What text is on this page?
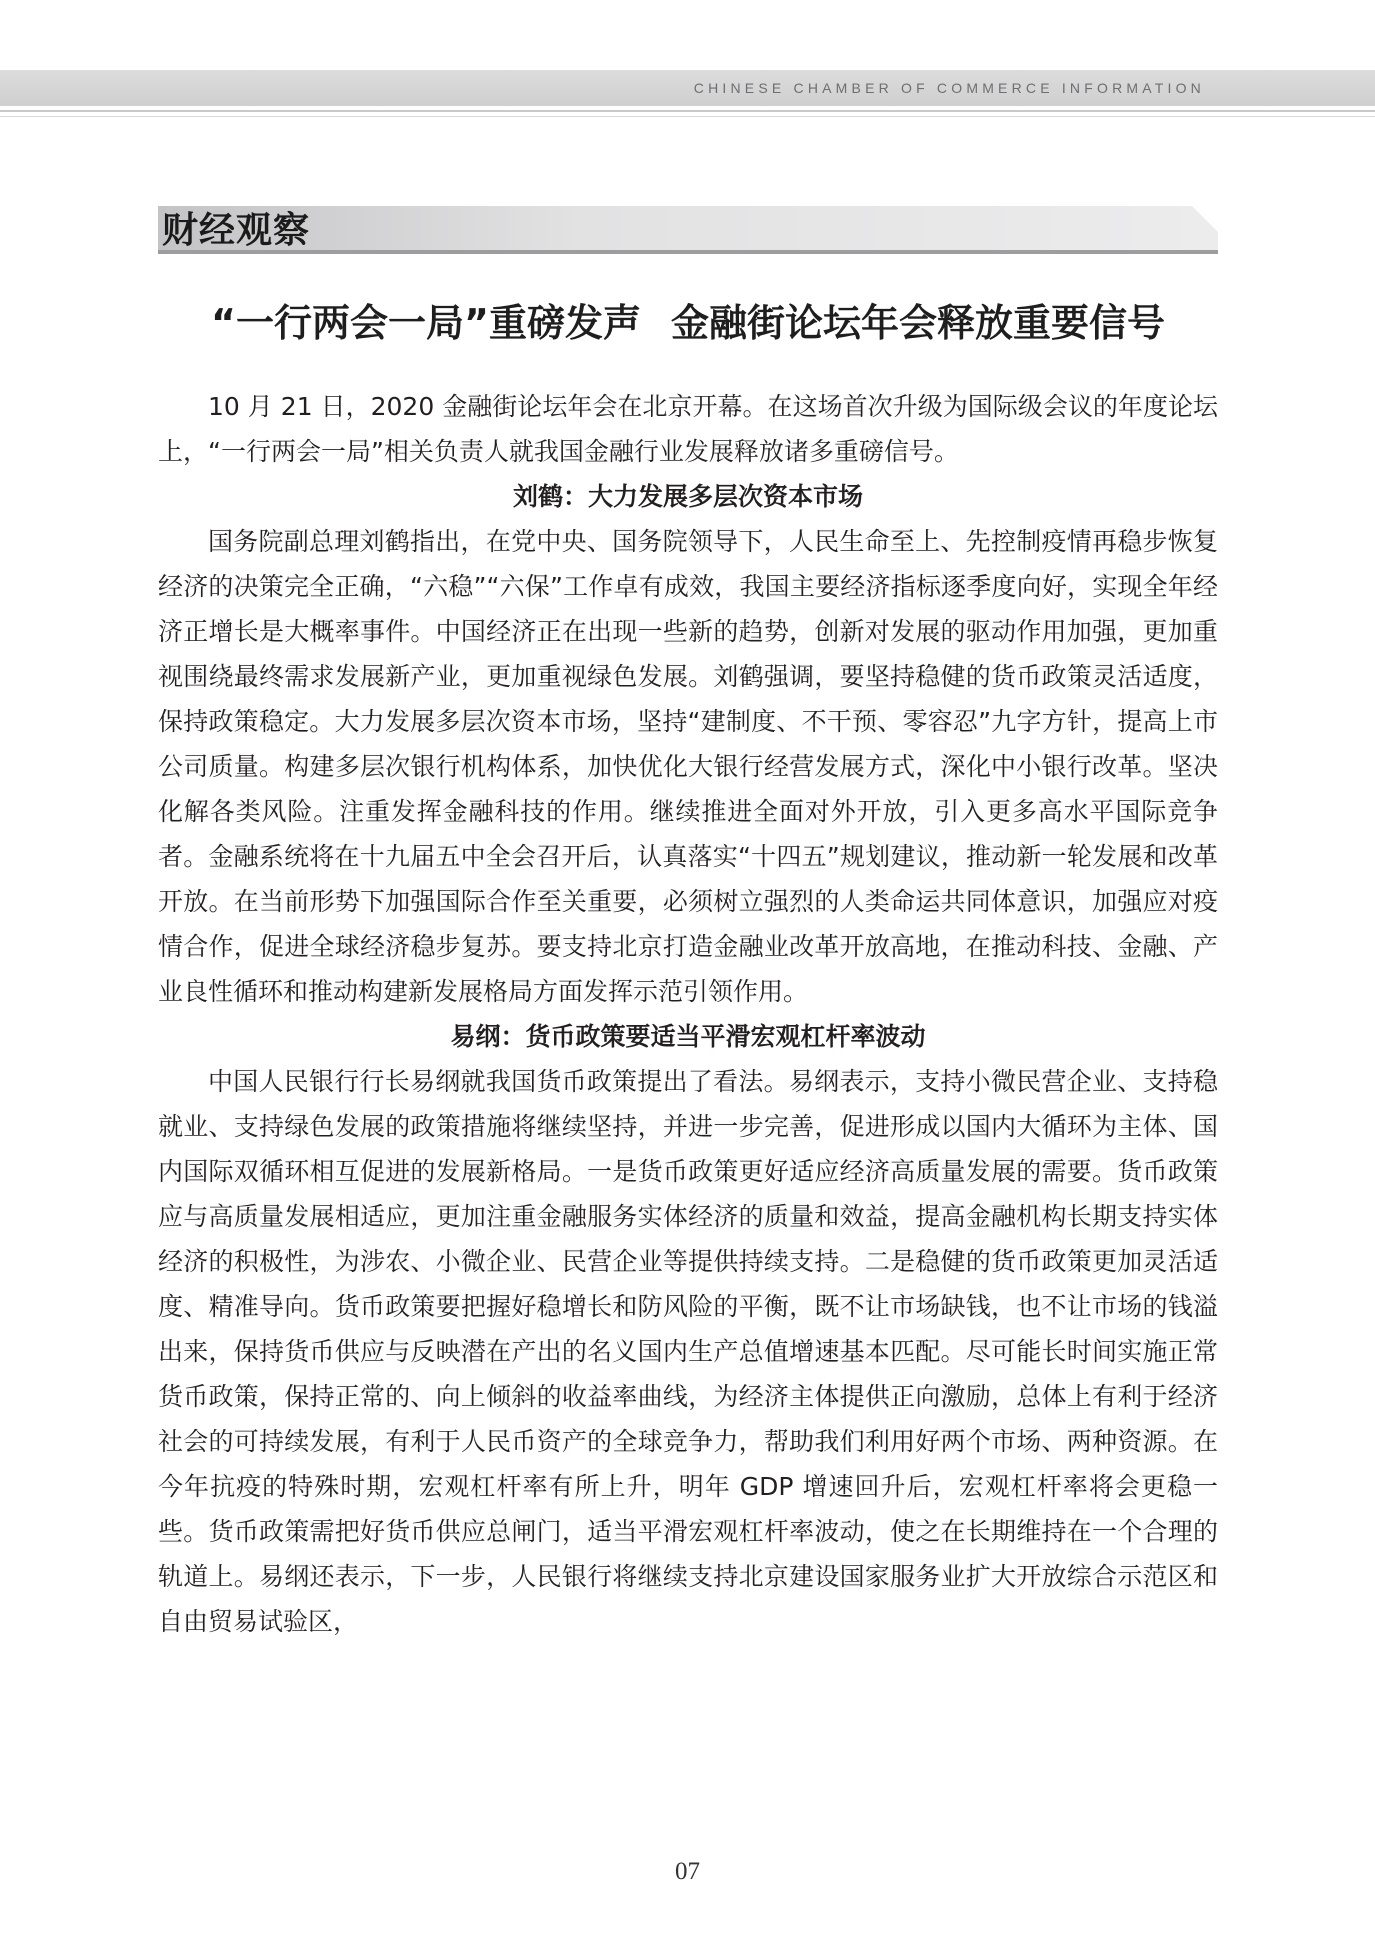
CHINESE CHAMBER OF COMMERCE INFORMATION
财经观察
“一行两会一局”重磅发声 金融街论坛年会释放重要信号

10 月 21 日，2020 金融街论坛年会在北京开幕。在这场首次升级为国际级会议的年度论坛上，“一行两会一局”相关负责人就我国金融行业发展释放诸多重磅信号。

刘鹤：大力发展多层次资本市场

国务院副总理刘鹤指出，在党中央、国务院领导下，人民生命至上、先控制疫情再稳步恢复经济的决策完全正确，“六稳”“六保”工作卓有成效，我国主要经济指标逐季度向好，实现全年经济正增长是大概率事件。中国经济正在出现一些新的趋势，创新对发展的驱动作用加强，更加重视围绕最终需求发展新产业，更加重视绿色发展。刘鹤强调，要坚持稳健的货币政策灵活适度，保持政策稳定。大力发展多层次资本市场，坚持“建制度、不干预、零容忍”九字方针，提高上市公司质量。构建多层次银行机构体系，加快优化大银行经营发展方式，深化中小银行改革。坚决化解各类风险。注重发挥金融科技的作用。继续推进全面对外开放，引入更多高水平国际竞争者。金融系统将在十九届五中全会召开后，认真落实“十四五”规划建议，推动新一轮发展和改革开放。在当前形势下加强国际合作至关重要，必须树立强烈的人类命运共同体意识，加强应对疫情合作，促进全球经济稳步复苏。要支持北京打造金融业改革开放高地，在推动科技、金融、产业良性循环和推动构建新发展格局方面发挥示范引领作用。

易纲：货币政策要适当平滑宏观杠杆率波动

中国人民银行行长易纲就我国货币政策提出了看法。易纲表示，支持小微民营企业、支持稳就业、支持绿色发展的政策措施将继续坚持，并进一步完善，促进形成以国内大循环为主体、国内国际双循环相互促进的发展新格局。一是货币政策更好适应经济高质量发展的需要。货币政策应与高质量发展相适应，更加注重金融服务实体经济的质量和效益，提高金融机构长期支持实体经济的积极性，为涉农、小微企业、民营企业等提供持续支持。二是稳健的货币政策更加灵活适度、精准导向。货币政策要把握好稳增长和防风险的平衡，既不让市场缺钱，也不让市场的钱溢出来，保持货币供应与反映潜在产出的名义国内生产总值增速基本匹配。尽可能长时间实施正常货币政策，保持正常的、向上倾斜的收益率曲线，为经济主体提供正向激励，总体上有利于经济社会的可持续发展，有利于人民币资产的全球竞争力，帮助我们利用好两个市场、两种资源。在今年抗疫的特殊时期，宏观杠杆率有所上升，明年 GDP 增速回升后，宏观杠杆率将会更稳一些。货币政策需把好货币供应总闸门，适当平滑宏观杠杆率波动，使之在长期维持在一个合理的轨道上。易纲还表示，下一步，人民银行将继续支持北京建设国家服务业扩大开放综合示范区和自由贸易试验区，

07
